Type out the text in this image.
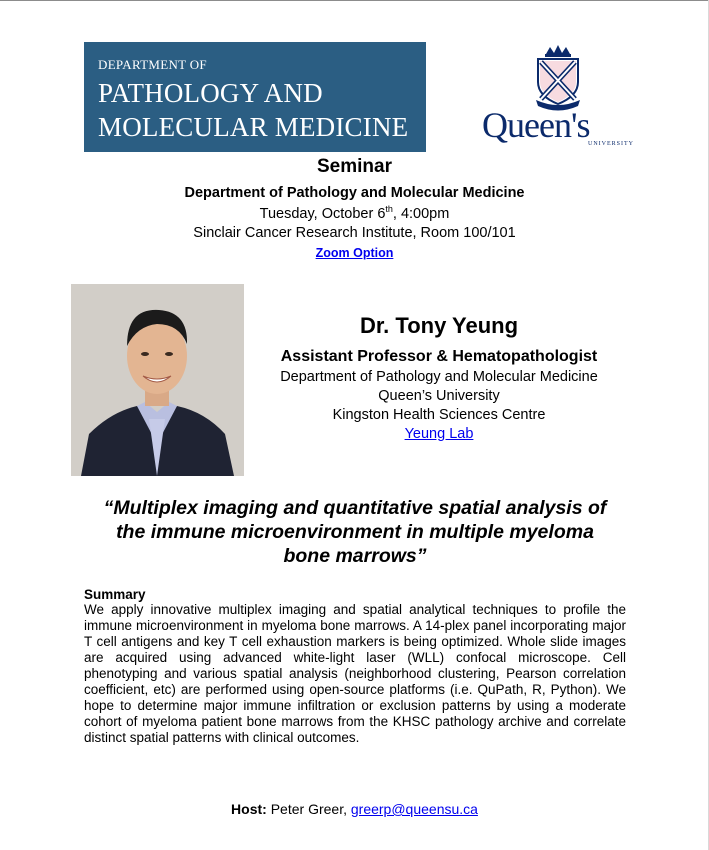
DEPARTMENT OF
PATHOLOGY AND
MOLECULAR MEDICINE Queen's
UNIVERSITY
Seminar
Department of Pathology and Molecular Medicine
Tuesday, October 6th, 4:00pm
Sinclair Cancer Research Institute, Room 100/101
Zoom Option
Dr. Tony Yeung
Assistant Professor & Hematopathologist
Department of Pathology and Molecular Medicine
Queen’s University
Kingston Health Sciences Centre
Yeung Lab
“Multiplex imaging and quantitative spatial analysis of
the immune microenvironment in multiple myeloma
bone marrows”
Summary
We apply innovative multiplex imaging and spatial analytical techniques to profile the immune microenvironment in myeloma bone marrows. A 14-plex panel incorporating major T cell antigens and key T cell exhaustion markers is being optimized. Whole slide images are acquired using advanced white-light laser (WLL) confocal microscope. Cell phenotyping and various spatial analysis (neighborhood clustering, Pearson correlation coefficient, etc) are performed using open-source platforms (i.e. QuPath, R, Python). We hope to determine major immune infiltration or exclusion patterns by using a moderate cohort of myeloma patient bone marrows from the KHSC pathology archive and correlate distinct spatial patterns with clinical outcomes.
Host: Peter Greer, greerp@queensu.ca
